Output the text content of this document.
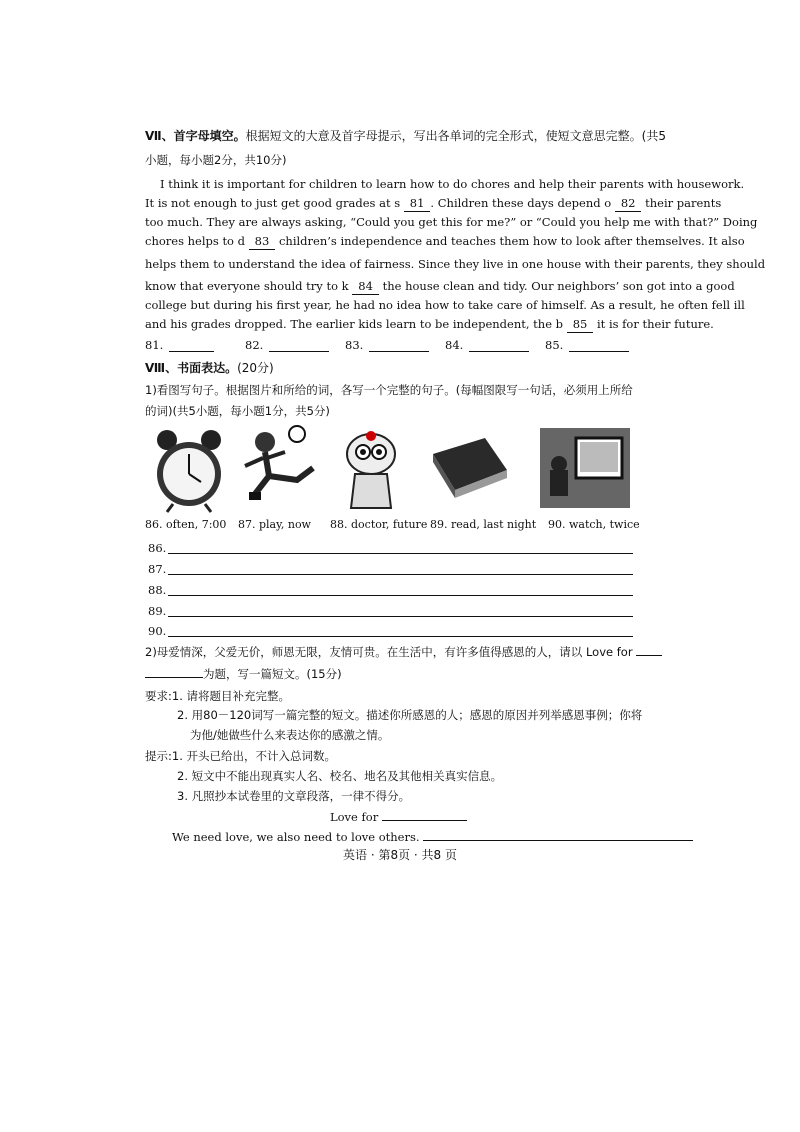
Ⅶ、首字母填空。根据短文的大意及首字母提示，写出各单词的完全形式，使短文意思完整。(共5
小题，每小题2分，共10分)
I think it is important for children to learn how to do chores and help their parents with housework.
It is not enough to just get good grades at s 81 . Children these days depend o 82 their parents
too much. They are always asking, “Could you get this for me?” or “Could you help me with that?” Doing
chores helps to d 83 children’s independence and teaches them how to look after themselves. It also
helps them to understand the idea of fairness. Since they live in one house with their parents, they should
know that everyone should try to k 84 the house clean and tidy. Our neighbors’ son got into a good
college but during his first year, he had no idea how to take care of himself. As a result, he often fell ill
and his grades dropped. The earlier kids learn to be independent, the b 85 it is for their future.
81.	82.	83.	84.	85.
Ⅷ、书面表达。(20分)
1)看图写句子。根据图片和所给的词，各写一个完整的句子。(每幅图限写一句话，必须用上所给
的词)(共5小题，每小题1分，共5分)
86. often, 7:00 87. play, now 88. doctor, future 89. read, last night 90. watch, twice
86.
87.
88.
89.
90.
2)母爱情深，父爱无价，师恩无限，友情可贵。在生活中，有许多值得感恩的人，请以 Love for
为题，写一篇短文。(15分)
要求:1. 请将题目补充完整。
2. 用80－120词写一篇完整的短文。描述你所感恩的人；感恩的原因并列举感恩事例；你将
为他/她做些什么来表达你的感激之情。
提示:1. 开头已给出，不计入总词数。
2. 短文中不能出现真实人名、校名、地名及其他相关真实信息。
3. 凡照抄本试卷里的文章段落，一律不得分。
Love for
We need love, we also need to love others.
英语 · 第8页 · 共8 页
